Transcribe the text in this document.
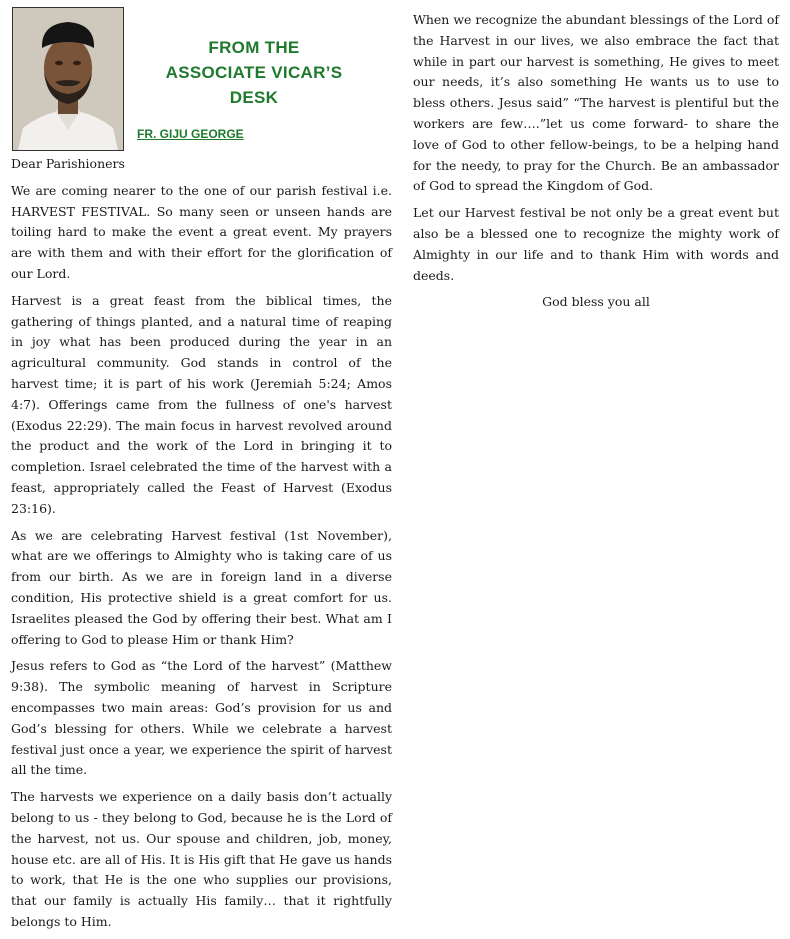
FROM THE
ASSOCIATE VICAR’S DESK
FR. GIJU GEORGE
Dear Parishioners

We are coming nearer to the one of our parish festival i.e. HARVEST FESTIVAL. So many seen or unseen hands are toiling hard to make the event a great event. My prayers are with them and with their effort for the glorification of our Lord.

Harvest is a great feast from the biblical times, the gathering of things planted, and a natural time of reaping in joy what has been produced during the year in an agricultural community. God stands in control of the harvest time; it is part of his work (Jeremiah 5:24; Amos 4:7). Offerings came from the fullness of one's harvest (Exodus 22:29). The main focus in harvest revolved around the product and the work of the Lord in bringing it to completion. Israel celebrated the time of the harvest with a feast, appropriately called the Feast of Harvest (Exodus 23:16).

As we are celebrating Harvest festival (1st November), what are we offerings to Almighty who is taking care of us from our birth. As we are in foreign land in a diverse condition, His protective shield is a great comfort for us. Israelites pleased the God by offering their best. What am I offering to God to please Him or thank Him?

Jesus refers to God as “the Lord of the harvest” (Matthew 9:38). The symbolic meaning of harvest in Scripture encompasses two main areas: God’s provision for us and God’s blessing for others. While we celebrate a harvest festival just once a year, we experience the spirit of harvest all the time.

The harvests we experience on a daily basis don’t actually belong to us - they belong to God, because he is the Lord of the harvest, not us. Our spouse and children, job, money, house etc. are all of His. It is His gift that He gave us hands to work, that He is the one who supplies our provisions, that our family is actually His family… that it rightfully belongs to Him.

When we recognize the abundant blessings of the Lord of the Harvest in our lives, we also embrace the fact that while in part our harvest is something, He gives to meet our needs, it’s also something He wants us to use to bless others. Jesus said” “The harvest is plentiful but the workers are few….”let us come forward- to share the love of God to other fellow-beings, to be a helping hand for the needy, to pray for the Church. Be an ambassador of God to spread the Kingdom of God.

Let our Harvest festival be not only be a great event but also be a blessed one to recognize the mighty work of Almighty in our life and to thank Him with words and deeds.

God bless you all
